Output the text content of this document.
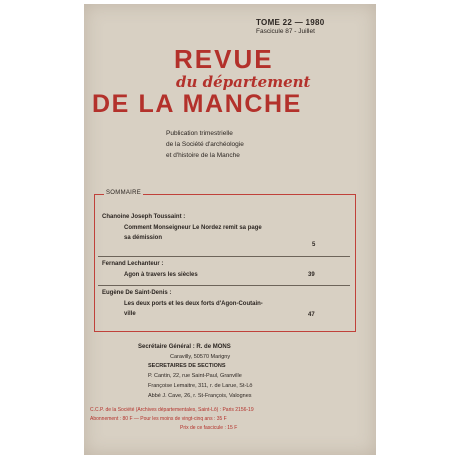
TOME 22 — 1980
Fascicule 87 - Juillet
REVUE
du département
DE LA MANCHE
Publication trimestrielle
de la Société d'archéologie
et d'histoire de la Manche
SOMMAIRE
Chanoine Joseph Toussaint :
Comment Monseigneur Le Nordez remit sa page
sa démission
5
Fernand Lechanteur :
Agon à travers les siècles	39
Eugène De Saint-Denis :
Les deux ports et les deux forts d'Agon-Coutain-
ville	47
Secrétaire Général : R. de MONS
Caravilly, 50570 Marigny
SECRETAIRES DE SECTIONS
P. Cantin, 22, rue Saint-Paul, Granville
Françoise Lemaitre, 311, r. de Larue, St-Lô
Abbé J. Cave, 26, r. St-François, Valognes
C.C.P. de la Société (Archives départementales, Saint-Lô) : Paris 2156-19
Abonnement : 80 F — Pour les moins de vingt-cinq ans : 35 F
Prix de ce fascicule : 15 F
